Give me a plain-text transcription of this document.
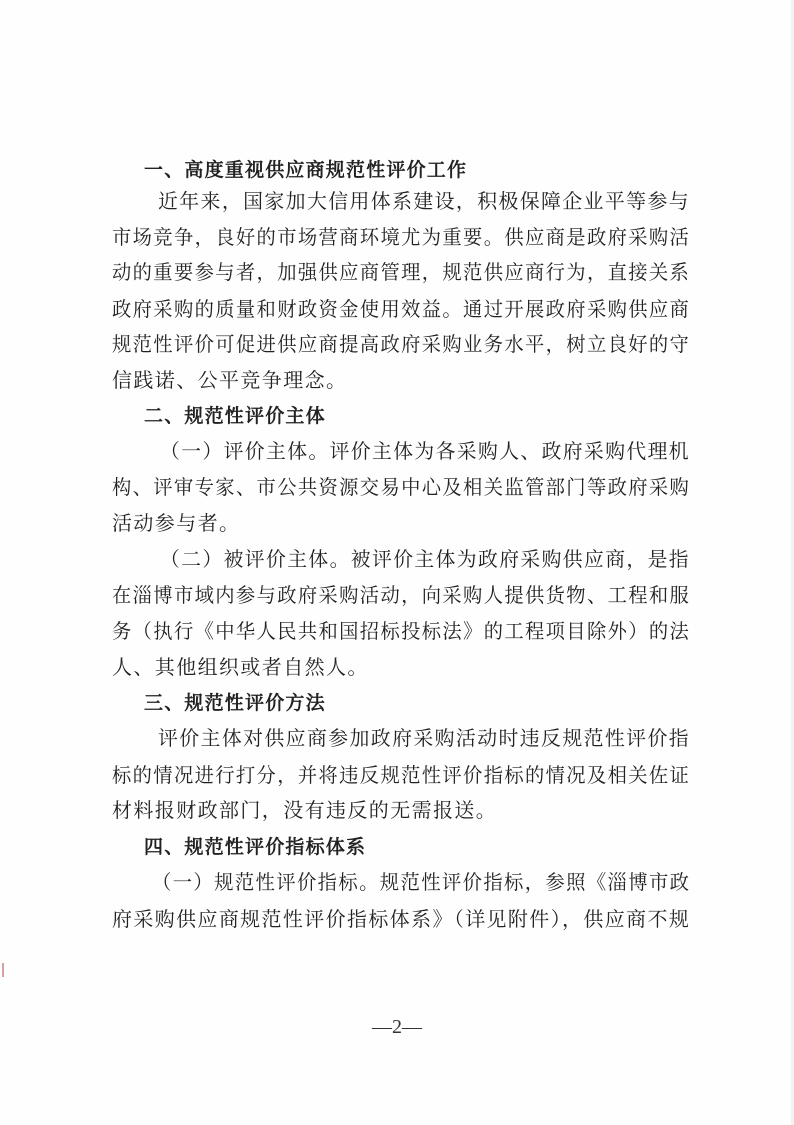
一、高度重视供应商规范性评价工作
近年来，国家加大信用体系建设，积极保障企业平等参与
市场竞争，良好的市场营商环境尤为重要。供应商是政府采购活
动的重要参与者，加强供应商管理，规范供应商行为，直接关系
政府采购的质量和财政资金使用效益。通过开展政府采购供应商
规范性评价可促进供应商提高政府采购业务水平，树立良好的守
信践诺、公平竞争理念。
二、规范性评价主体
（一）评价主体。评价主体为各采购人、政府采购代理机
构、评审专家、市公共资源交易中心及相关监管部门等政府采购
活动参与者。
（二）被评价主体。被评价主体为政府采购供应商，是指
在淄博市域内参与政府采购活动，向采购人提供货物、工程和服
务（执行《中华人民共和国招标投标法》的工程项目除外）的法
人、其他组织或者自然人。
三、规范性评价方法
评价主体对供应商参加政府采购活动时违反规范性评价指
标的情况进行打分，并将违反规范性评价指标的情况及相关佐证
材料报财政部门，没有违反的无需报送。
四、规范性评价指标体系
（一）规范性评价指标。规范性评价指标，参照《淄博市政
府采购供应商规范性评价指标体系》（详见附件），供应商不规
—2—
